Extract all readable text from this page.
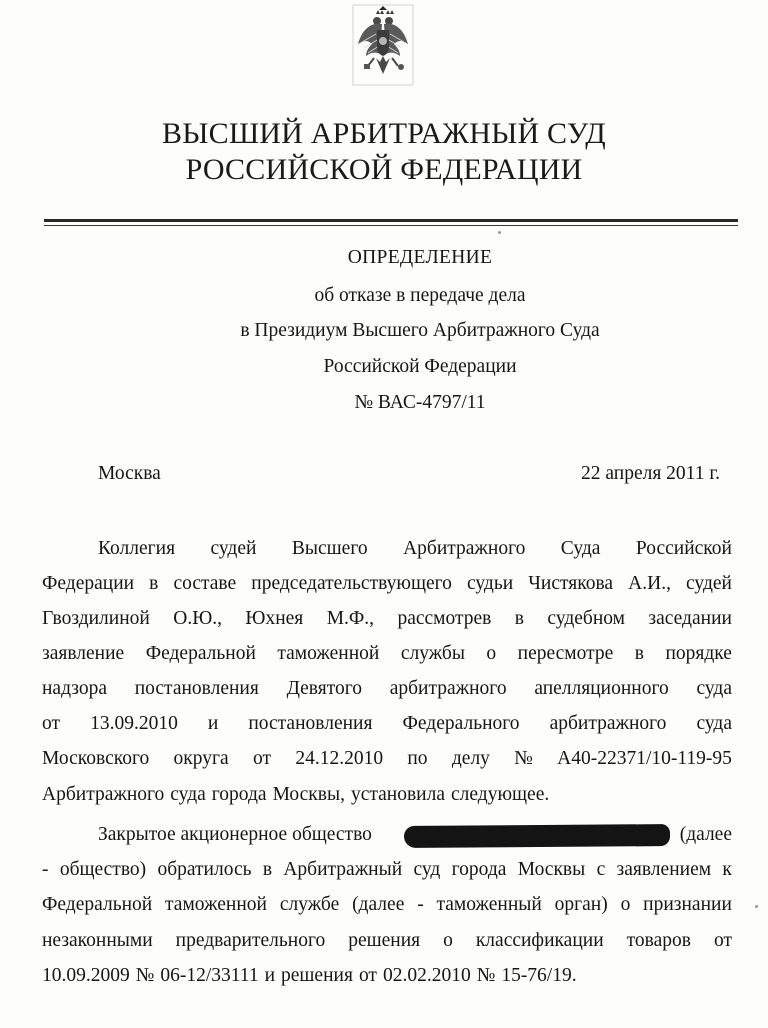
ВЫСШИЙ АРБИТРАЖНЫЙ СУД
РОССИЙСКОЙ ФЕДЕРАЦИИ
ОПРЕДЕЛЕНИЕ
об отказе в передаче дела
в Президиум Высшего Арбитражного Суда
Российской Федерации
№ ВАС-4797/11
Москва	22 апреля 2011 г.
Коллегия судей Высшего Арбитражного Суда Российской
Федерации в составе председательствующего судьи Чистякова А.И., судей
Гвоздилиной О.Ю., Юхнея М.Ф., рассмотрев в судебном заседании
заявление Федеральной таможенной службы о пересмотре в порядке
надзора постановления Девятого арбитражного апелляционного суда
от 13.09.2010 и постановления Федерального арбитражного суда
Московского округа от 24.12.2010 по делу № А40-22371/10-119-95
Арбитражного суда города Москвы, установила следующее.
Закрытое акционерное общество	(далее
- общество) обратилось в Арбитражный суд города Москвы с заявлением к
Федеральной таможенной службе (далее - таможенный орган) о признании
незаконными предварительного решения о классификации товаров от
10.09.2009 № 06-12/33111 и решения от 02.02.2010 № 15-76/19.
